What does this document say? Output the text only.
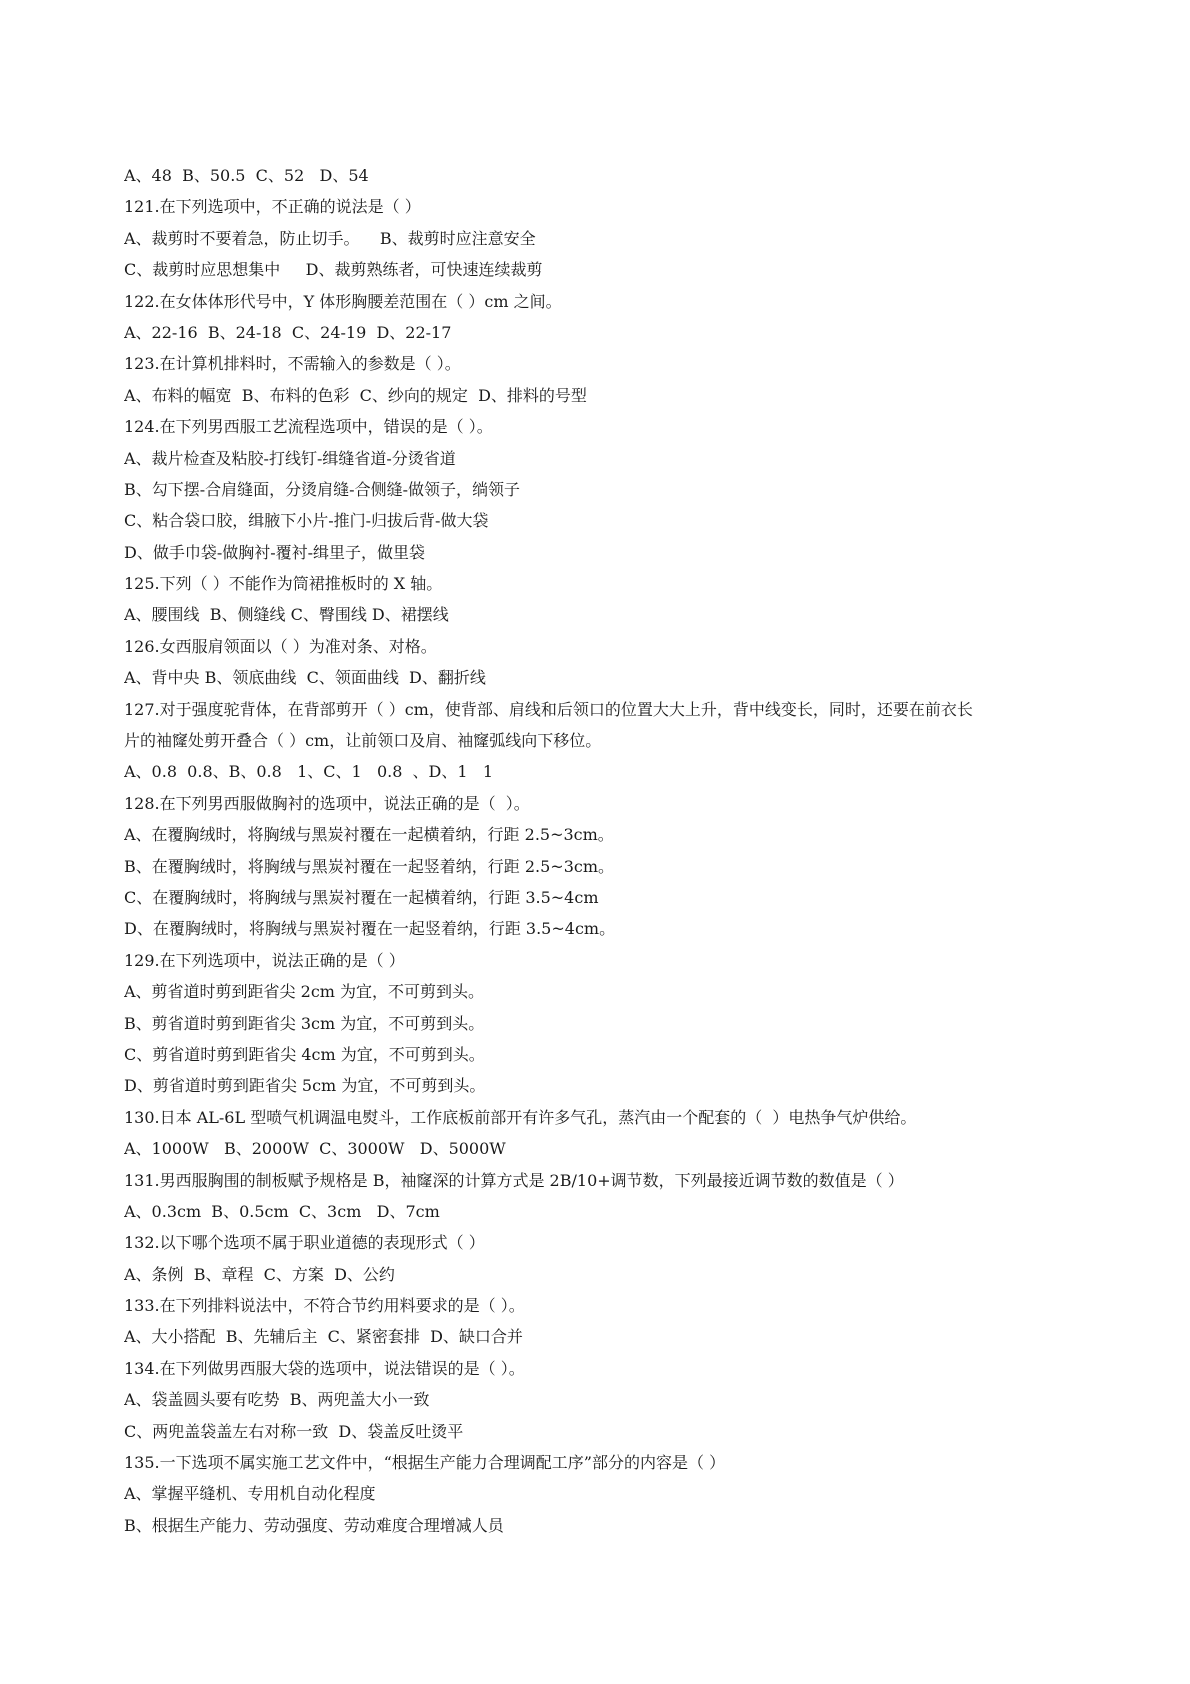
A、48  B、50.5  C、52   D、54
121.在下列选项中，不正确的说法是（ ）
A、裁剪时不要着急，防止切手。    B、裁剪时应注意安全
C、裁剪时应思想集中     D、裁剪熟练者，可快速连续裁剪
122.在女体体形代号中，Y 体形胸腰差范围在（ ）cm 之间。
A、22-16  B、24-18  C、24-19  D、22-17
123.在计算机排料时，不需输入的参数是（ ）。
A、布料的幅宽  B、布料的色彩  C、纱向的规定  D、排料的号型
124.在下列男西服工艺流程选项中，错误的是（ ）。
A、裁片检查及粘胶-打线钉-缉缝省道-分烫省道
B、勾下摆-合肩缝面，分烫肩缝-合侧缝-做领子，绱领子
C、粘合袋口胶，缉腋下小片-推门-归拔后背-做大袋
D、做手巾袋-做胸衬-覆衬-缉里子，做里袋
125.下列（ ）不能作为筒裙推板时的 X 轴。
A、腰围线  B、侧缝线 C、臀围线 D、裙摆线
126.女西服肩领面以（ ）为准对条、对格。
A、背中央 B、领底曲线  C、领面曲线  D、翻折线
127.对于强度驼背体，在背部剪开（ ）cm，使背部、肩线和后领口的位置大大上升，背中线变长，同时，还要在前衣长
片的袖窿处剪开叠合（ ）cm，让前领口及肩、袖窿弧线向下移位。
A、0.8  0.8、B、0.8   1、C、1   0.8  、D、1   1
128.在下列男西服做胸衬的选项中，说法正确的是（  ）。
A、在覆胸绒时，将胸绒与黑炭衬覆在一起横着纳，行距 2.5~3cm。
B、在覆胸绒时，将胸绒与黑炭衬覆在一起竖着纳，行距 2.5~3cm。
C、在覆胸绒时，将胸绒与黑炭衬覆在一起横着纳，行距 3.5~4cm
D、在覆胸绒时，将胸绒与黑炭衬覆在一起竖着纳，行距 3.5~4cm。
129.在下列选项中，说法正确的是（ ）
A、剪省道时剪到距省尖 2cm 为宜，不可剪到头。
B、剪省道时剪到距省尖 3cm 为宜，不可剪到头。
C、剪省道时剪到距省尖 4cm 为宜，不可剪到头。
D、剪省道时剪到距省尖 5cm 为宜，不可剪到头。
130.日本 AL-6L 型喷气机调温电熨斗，工作底板前部开有许多气孔，蒸汽由一个配套的（  ）电热争气炉供给。
A、1000W   B、2000W  C、3000W   D、5000W
131.男西服胸围的制板赋予规格是 B，袖窿深的计算方式是 2B/10+调节数，下列最接近调节数的数值是（ ）
A、0.3cm  B、0.5cm  C、3cm   D、7cm
132.以下哪个选项不属于职业道德的表现形式（ ）
A、条例  B、章程  C、方案  D、公约
133.在下列排料说法中，不符合节约用料要求的是（ ）。
A、大小搭配  B、先辅后主  C、紧密套排  D、缺口合并
134.在下列做男西服大袋的选项中，说法错误的是（ ）。
A、袋盖圆头要有吃势  B、两兜盖大小一致
C、两兜盖袋盖左右对称一致  D、袋盖反吐烫平
135.一下选项不属实施工艺文件中，“根据生产能力合理调配工序”部分的内容是（ ）
A、掌握平缝机、专用机自动化程度
B、根据生产能力、劳动强度、劳动难度合理增减人员
